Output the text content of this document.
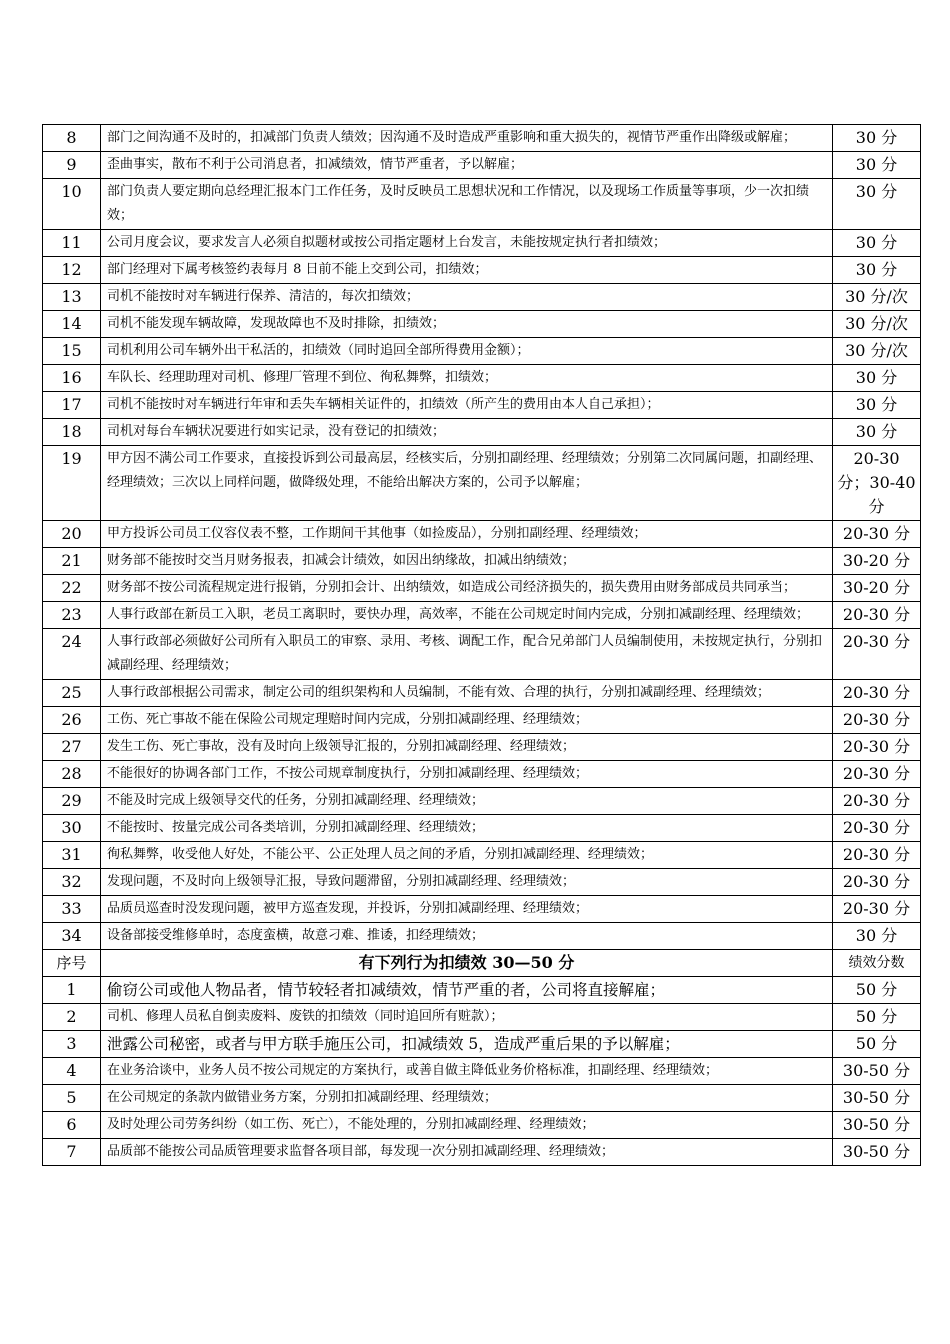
8	部门之间沟通不及时的，扣减部门负责人绩效；因沟通不及时造成严重影响和重大损失的，视情节严重作出降级或解雇；	30 分
9	歪曲事实，散布不利于公司消息者，扣减绩效，情节严重者，予以解雇；	30 分
10	部门负责人要定期向总经理汇报本门工作任务，及时反映员工思想状况和工作情况，以及现场工作质量等事项，少一次扣绩效；	30 分
11	公司月度会议，要求发言人必须自拟题材或按公司指定题材上台发言，未能按规定执行者扣绩效；	30 分
12	部门经理对下属考核签约表每月 8 日前不能上交到公司，扣绩效；	30 分
13	司机不能按时对车辆进行保养、清洁的，每次扣绩效；	30 分/次
14	司机不能发现车辆故障，发现故障也不及时排除，扣绩效；	30 分/次
15	司机利用公司车辆外出干私活的，扣绩效（同时追回全部所得费用金额）；	30 分/次
16	车队长、经理助理对司机、修理厂管理不到位、徇私舞弊，扣绩效；	30 分
17	司机不能按时对车辆进行年审和丢失车辆相关证件的，扣绩效（所产生的费用由本人自己承担）；	30 分
18	司机对每台车辆状况要进行如实记录，没有登记的扣绩效；	30 分
19	甲方因不满公司工作要求，直接投诉到公司最高层，经核实后，分别扣副经理、经理绩效；分别第二次同属问题，扣副经理、经理绩效；三次以上同样问题，做降级处理，不能给出解决方案的，公司予以解雇；	20-30 分；30-40 分
20	甲方投诉公司员工仪容仪表不整，工作期间干其他事（如捡废品），分别扣副经理、经理绩效；	20-30 分
21	财务部不能按时交当月财务报表，扣减会计绩效，如因出纳缘故，扣减出纳绩效；	30-20 分
22	财务部不按公司流程规定进行报销，分别扣会计、出纳绩效，如造成公司经济损失的，损失费用由财务部成员共同承当；	30-20 分
23	人事行政部在新员工入职，老员工离职时，要快办理，高效率，不能在公司规定时间内完成，分别扣减副经理、经理绩效；	20-30 分
24	人事行政部必须做好公司所有入职员工的审察、录用、考核、调配工作，配合兄弟部门人员编制使用，未按规定执行，分别扣减副经理、经理绩效；	20-30 分
25	人事行政部根据公司需求，制定公司的组织架构和人员编制，不能有效、合理的执行，分别扣减副经理、经理绩效；	20-30 分
26	工伤、死亡事故不能在保险公司规定理赔时间内完成，分别扣减副经理、经理绩效；	20-30 分
27	发生工伤、死亡事故，没有及时向上级领导汇报的，分别扣减副经理、经理绩效；	20-30 分
28	不能很好的协调各部门工作，不按公司规章制度执行，分别扣减副经理、经理绩效；	20-30 分
29	不能及时完成上级领导交代的任务，分别扣减副经理、经理绩效；	20-30 分
30	不能按时、按量完成公司各类培训，分别扣减副经理、经理绩效；	20-30 分
31	徇私舞弊，收受他人好处，不能公平、公正处理人员之间的矛盾，分别扣减副经理、经理绩效；	20-30 分
32	发现问题，不及时向上级领导汇报，导致问题滞留，分别扣减副经理、经理绩效；	20-30 分
33	品质员巡查时没发现问题，被甲方巡查发现，并投诉，分别扣减副经理、经理绩效；	20-30 分
34	设备部接受维修单时，态度蛮横，故意刁难、推诿，扣经理绩效；	30 分
序号	有下列行为扣绩效 30—50 分	绩效分数
1	偷窃公司或他人物品者，情节较轻者扣减绩效，情节严重的者，公司将直接解雇；	50 分
2	司机、修理人员私自倒卖废料、废铁的扣绩效（同时追回所有赃款）；	50 分
3	泄露公司秘密，或者与甲方联手施压公司，扣减绩效 5，造成严重后果的予以解雇；	50 分
4	在业务洽谈中，业务人员不按公司规定的方案执行，或善自做主降低业务价格标准，扣副经理、经理绩效；	30-50 分
5	在公司规定的条款内做错业务方案，分别扣扣减副经理、经理绩效；	30-50 分
6	及时处理公司劳务纠纷（如工伤、死亡），不能处理的，分别扣减副经理、经理绩效；	30-50 分
7	品质部不能按公司品质管理要求监督各项目部，每发现一次分别扣减副经理、经理绩效；	30-50 分
